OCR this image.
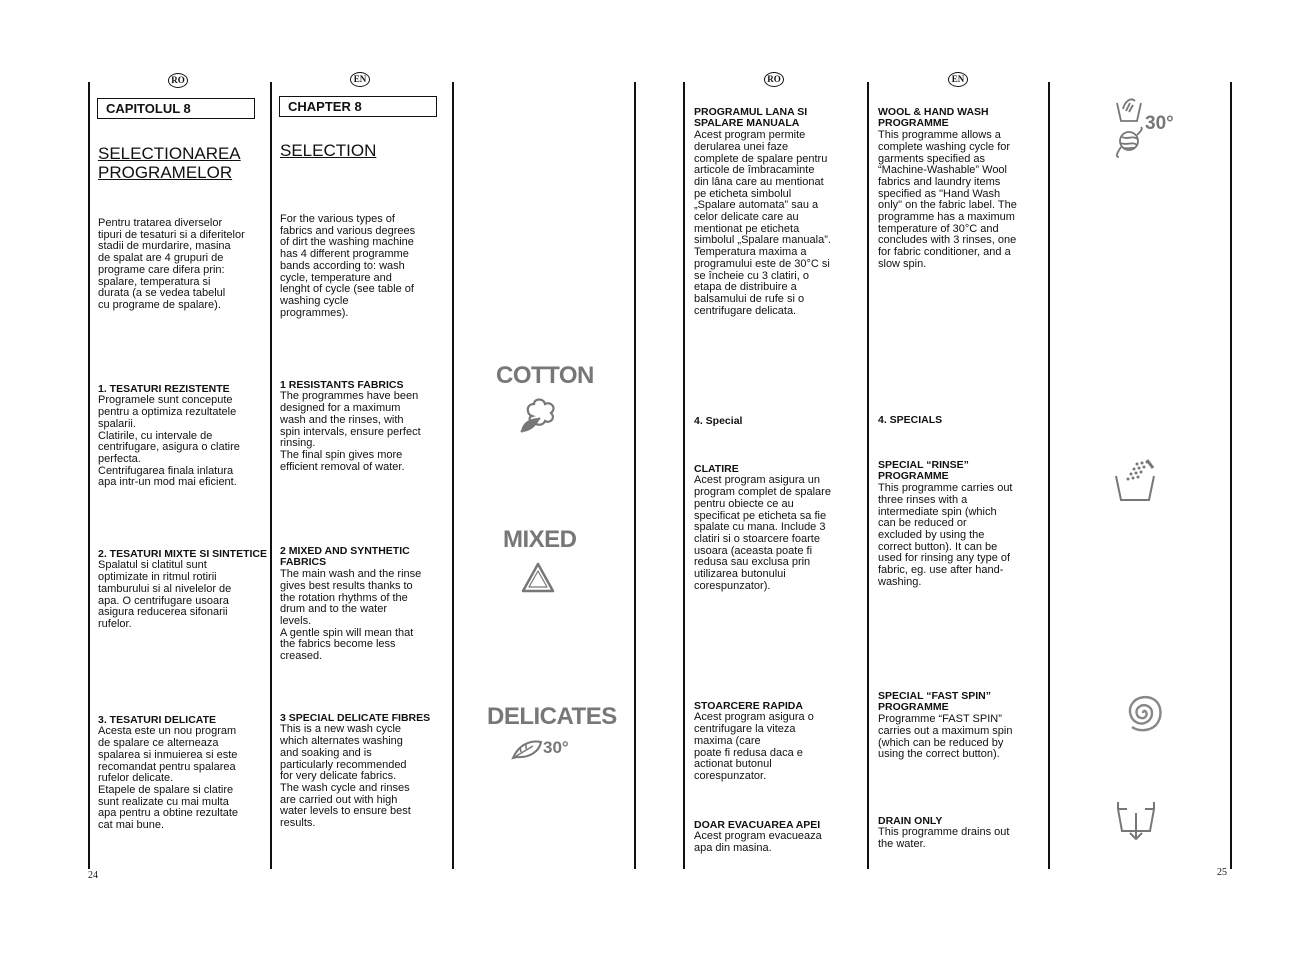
RO	EN
CAPITOLUL 8	CHAPTER 8
SELECTIONAREA
PROGRAMELOR
SELECTION
Pentru tratarea diverselor
tipuri de tesaturi si a diferitelor
stadii de murdarire, masina
de spalat are 4 grupuri de
programe care difera prin:
spalare, temperatura si
durata (a se vedea tabelul
cu programe de spalare).
For the various types of
fabrics and various degrees
of dirt the washing machine
has 4 different programme
bands according to: wash
cycle, temperature and
lenght of cycle (see table of
washing cycle
programmes).

1. TESATURI REZISTENTE
Programele sunt concepute
pentru a optimiza rezultatele
spalarii.
Clatirile, cu intervale de
centrifugare, asigura o clatire
perfecta.
Centrifugarea finala inlatura
apa intr-un mod mai eficient.

1 RESISTANTS FABRICS
The programmes have been
designed for a maximum
wash and the rinses, with
spin intervals, ensure perfect
rinsing.
The final spin gives more
efficient removal of water.

2. TESATURI MIXTE SI SINTETICE
Spalatul si clatitul sunt
optimizate in ritmul rotirii
tamburului si al nivelelor de
apa. O centrifugare usoara
asigura reducerea sifonarii
rufelor.

2 MIXED AND SYNTHETIC
FABRICS
The main wash and the rinse
gives best results thanks to
the rotation rhythms of the
drum and to the water
levels.
A gentle spin will mean that
the fabrics become less
creased.

3. TESATURI DELICATE
Acesta este un nou program
de spalare ce alterneaza
spalarea si inmuierea si este
recomandat pentru spalarea
rufelor delicate.
Etapele de spalare si clatire
sunt realizate cu mai multa
apa pentru a obtine rezultate
cat mai bune.

3 SPECIAL DELICATE FIBRES
This is a new wash cycle
which alternates washing
and soaking and is
particularly recommended
for very delicate fabrics.
The wash cycle and rinses
are carried out with high
water levels to ensure best
results.

COTTON
MIXED
DELICATES
30°
24
RO	EN

PROGRAMUL LANA SI
SPALARE MANUALA
Acest program permite
derularea unei faze
complete de spalare pentru
articole de îmbracaminte
din lâna care au mentionat
pe eticheta simbolul
„Spalare automata” sau a
celor delicate care au
mentionat pe eticheta
simbolul „Spalare manuala”.
Temperatura maxima a
programului este de 30°C si
se încheie cu 3 clatiri, o
etapa de distribuire a
balsamului de rufe si o
centrifugare delicata.

WOOL & HAND WASH
PROGRAMME
This programme allows a
complete washing cycle for
garments specified as
“Machine-Washable” Wool
fabrics and laundry items
specified as "Hand Wash
only" on the fabric label. The
programme has a maximum
temperature of 30°C and
concludes with 3 rinses, one
for fabric conditioner, and a
slow spin.

4. Special	4. SPECIALS

CLATIRE
Acest program asigura un
program complet de spalare
pentru obiecte ce au
specificat pe eticheta sa fie
spalate cu mana. Include 3
clatiri si o stoarcere foarte
usoara (aceasta poate fi
redusa sau exclusa prin
utilizarea butonului
corespunzator).

SPECIAL “RINSE”
PROGRAMME
This programme carries out
three rinses with a
intermediate spin (which
can be reduced or
excluded by using the
correct button). It can be
used for rinsing any type of
fabric, eg. use after hand-
washing.

STOARCERE RAPIDA
Acest program asigura o
centrifugare la viteza
maxima (care
poate fi redusa daca e
actionat butonul
corespunzator.

SPECIAL “FAST SPIN”
PROGRAMME
Programme “FAST SPIN”
carries out a maximum spin
(which can be reduced by
using the correct button).

DOAR EVACUAREA APEI
Acest program evacueaza
apa din masina.

DRAIN ONLY
This programme drains out
the water.

30°
25
